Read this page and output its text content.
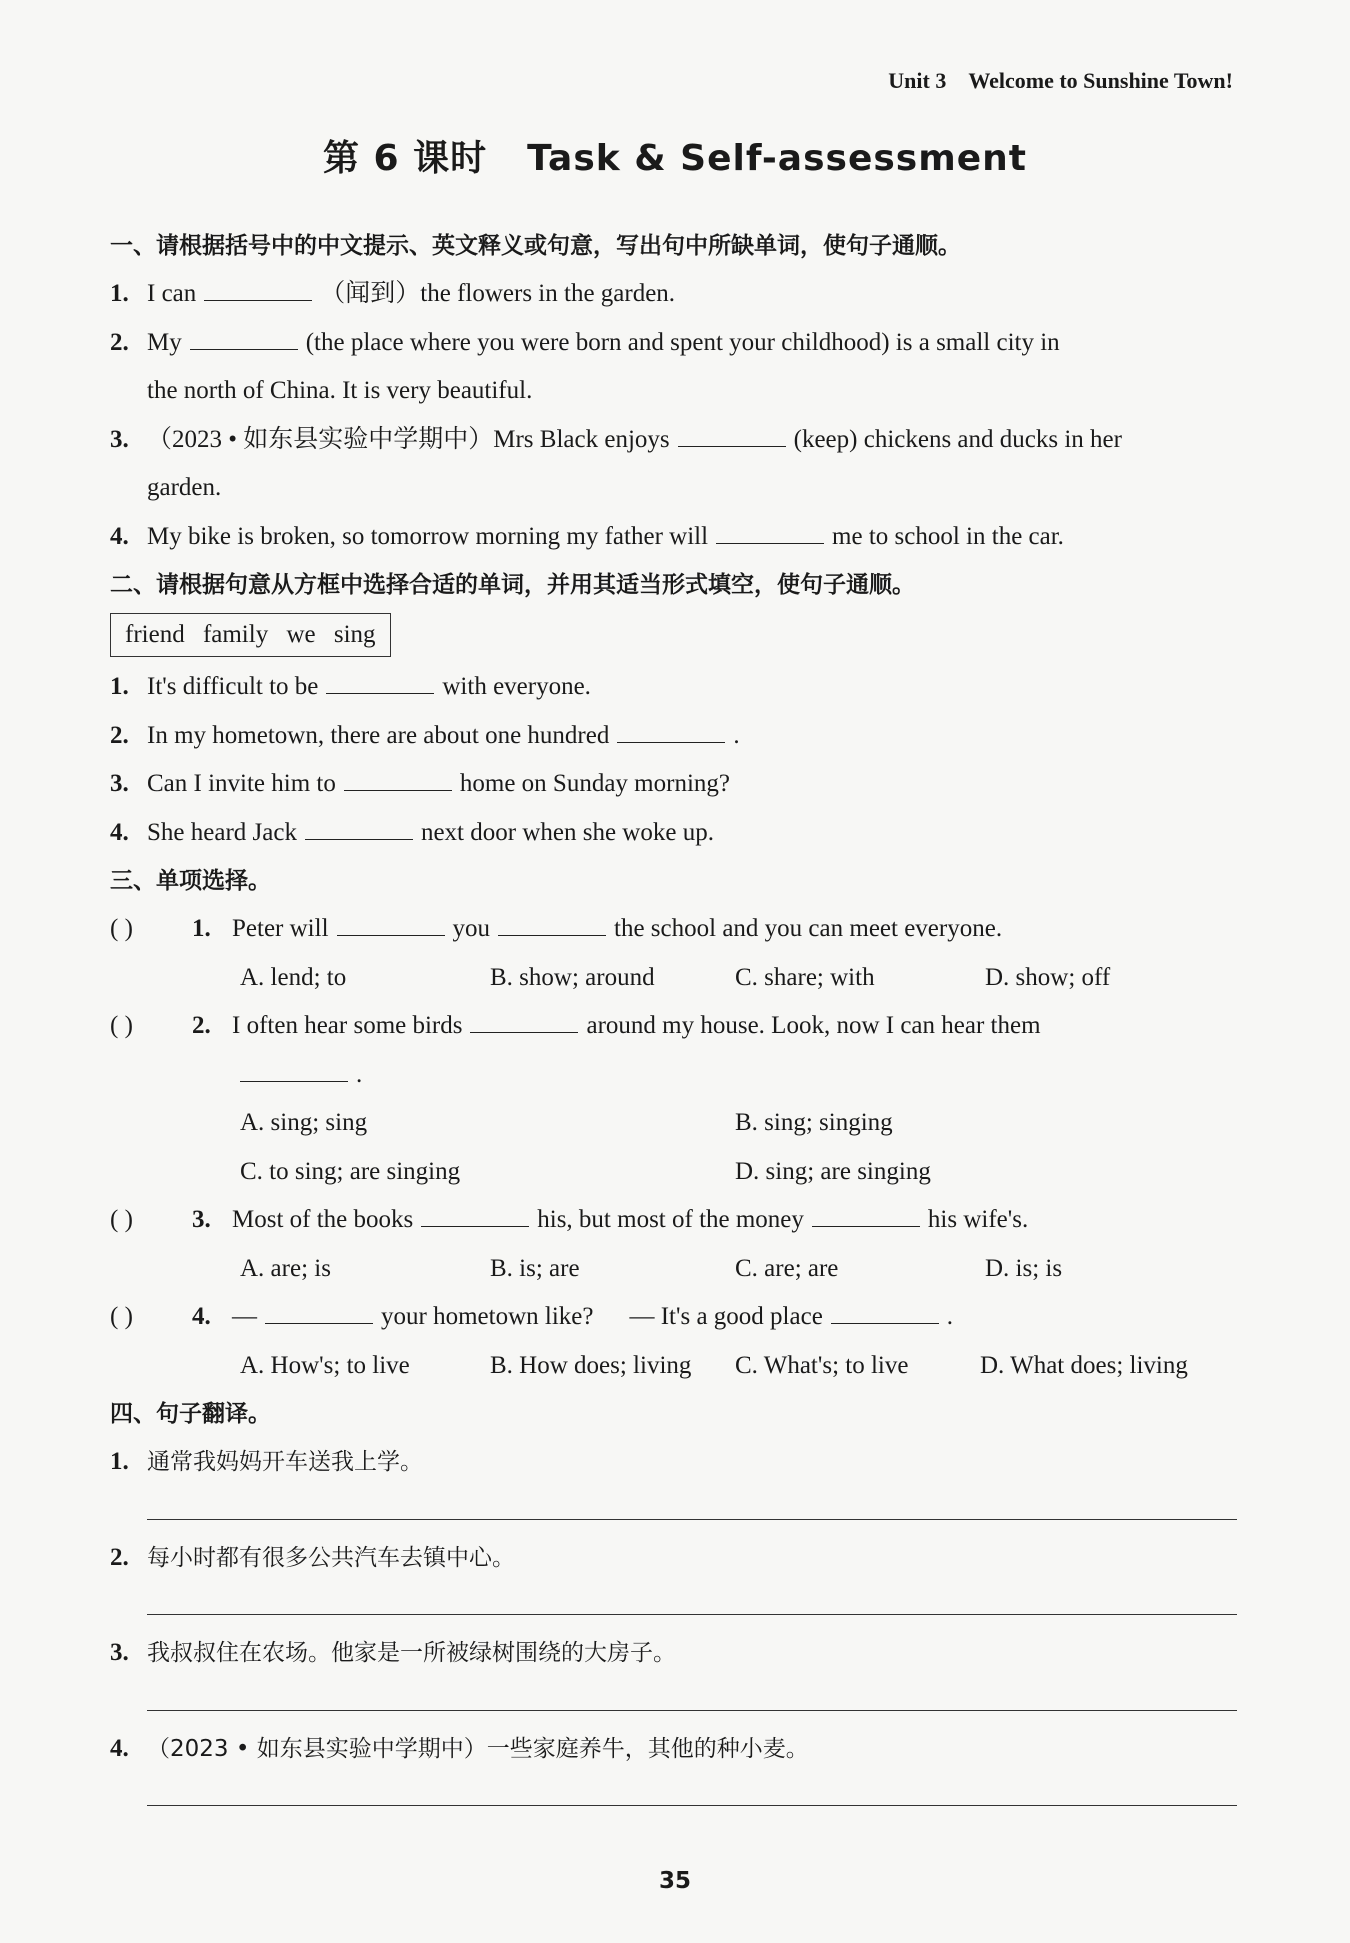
Unit 3 Welcome to Sunshine Town!
第 6 课时 Task & Self-assessment
一、请根据括号中的中文提示、英文释义或句意，写出句中所缺单词，使句子通顺。
1. I can	（闻到）the flowers in the garden.
2. My	(the place where you were born and spent your childhood) is a small city in
the north of China. It is very beautiful.
3. （2023 • 如东县实验中学期中）Mrs Black enjoys	(keep) chickens and ducks in her
garden.
4. My bike is broken, so tomorrow morning my father will	me to school in the car.
二、请根据句意从方框中选择合适的单词，并用其适当形式填空，使句子通顺。
friend family we sing
1. It's difficult to be	with everyone.
2. In my hometown, there are about one hundred	.
3. Can I invite him to	home on Sunday morning?
4. She heard Jack	next door when she woke up.
三、单项选择。
( ) 1. Peter will	you	the school and you can meet everyone.
A. lend; to	B. show; around	C. share; with	D. show; off
( ) 2. I often hear some birds	around my house. Look, now I can hear them
.
A. sing; sing	B. sing; singing
C. to sing; are singing	D. sing; are singing
( ) 3. Most of the books	his, but most of the money	his wife's.
A. are; is	B. is; are	C. are; are	D. is; is
( ) 4. —	your hometown like? — It's a good place	.
A. How's; to live	B. How does; living C. What's; to live	D. What does; living
四、句子翻译。
1. 通常我妈妈开车送我上学。
2. 每小时都有很多公共汽车去镇中心。
3. 我叔叔住在农场。他家是一所被绿树围绕的大房子。
4. （2023 • 如东县实验中学期中）一些家庭养牛，其他的种小麦。
35
